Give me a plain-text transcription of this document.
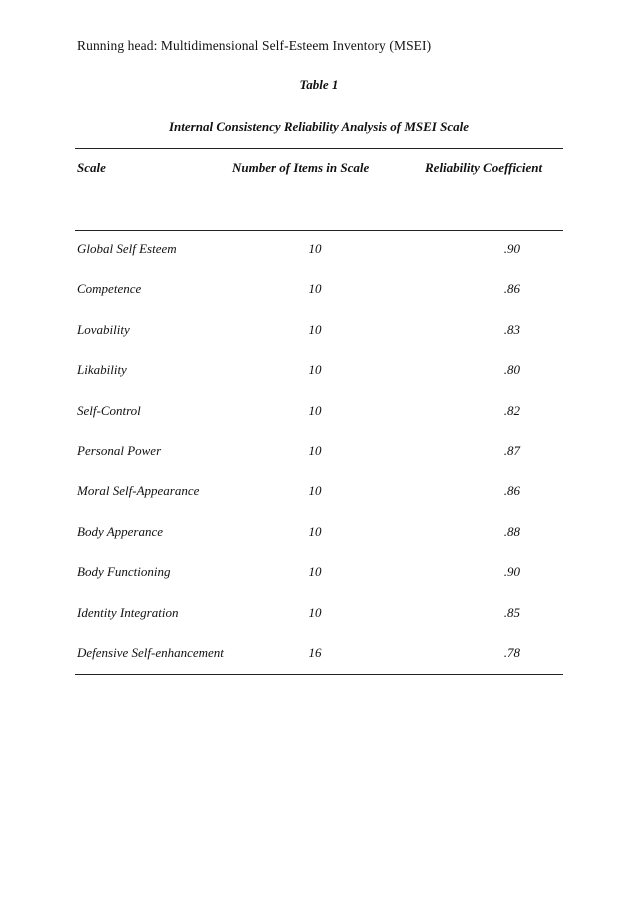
Running head: Multidimensional Self-Esteem Inventory (MSEI)
Table 1
Internal Consistency Reliability Analysis of MSEI Scale
Scale	Number of Items in Scale	Reliability Coefficient
Global Self Esteem	10	.90
Competence	10	.86
Lovability	10	.83
Likability	10	.80
Self-Control	10	.82
Personal Power	10	.87
Moral Self-Appearance	10	.86
Body Apperance	10	.88
Body Functioning	10	.90
Identity Integration	10	.85
Defensive Self-enhancement	16	.78
